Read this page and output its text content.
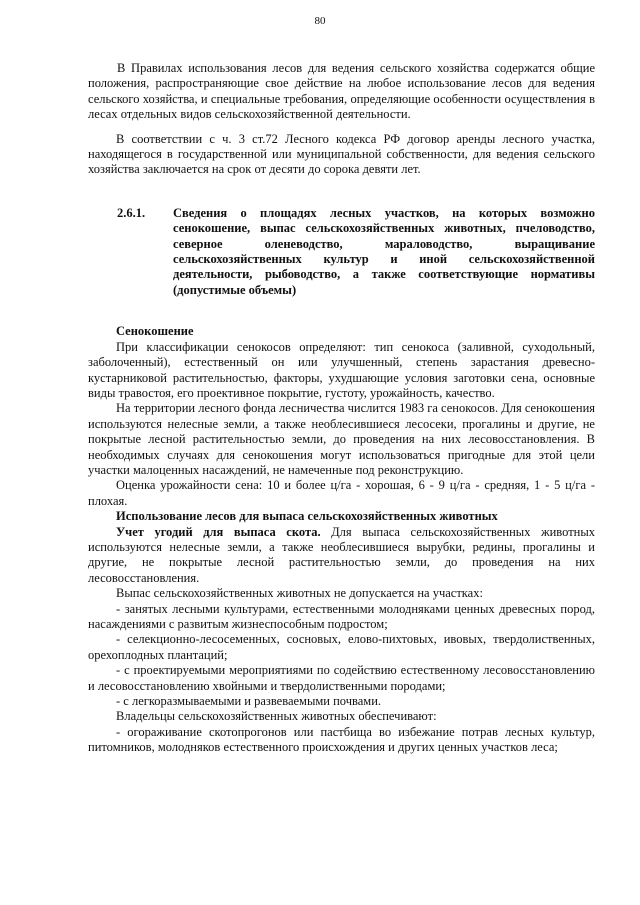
80

В Правилах использования лесов для ведения сельского хозяйства содержатся общие положения, распространяющие свое действие на любое использование лесов для ведения сельского хозяйства, и специальные требования, определяющие особенности осуществления в лесах отдельных видов сельскохозяйственной деятельности.

В соответствии с ч. 3 ст.72 Лесного кодекса РФ договор аренды лесного участка, находящегося в государственной или муниципальной собственности, для ведения сельского хозяйства заключается на срок от десяти до сорока девяти лет.

2.6.1.	Сведения о площадях лесных участков, на которых возможно сенокошение, выпас сельскохозяйственных животных, пчеловодство, северное оленеводство, мараловодство, выращивание сельскохозяйственных культур и иной сельскохозяйственной деятельности, рыбоводство, а также соответствующие нормативы (допустимые объемы)

Сенокошение

При классификации сенокосов определяют: тип сенокоса (заливной, суходольный, заболоченный), естественный он или улучшенный, степень зарастания древесно-кустарниковой растительностью, факторы, ухудшающие условия заготовки сена, основные виды травостоя, его проективное покрытие, густоту, урожайность, качество.

На территории лесного фонда лесничества числится 1983 га сенокосов. Для сенокошения используются нелесные земли, а также необлесившиеся лесосеки, прогалины и другие, не покрытые лесной растительностью земли, до проведения на них лесовосстановления. В необходимых случаях для сенокошения могут использоваться пригодные для этой цели участки малоценных насаждений, не намеченные под реконструкцию.

Оценка урожайности сена: 10 и более ц/га - хорошая, 6 - 9 ц/га - средняя, 1 - 5 ц/га - плохая.

Использование лесов для выпаса сельскохозяйственных животных

Учет угодий для выпаса скота. Для выпаса сельскохозяйственных животных используются нелесные земли, а также необлесившиеся вырубки, редины, прогалины и другие, не покрытые лесной растительностью земли, до проведения на них лесовосстановления.

Выпас сельскохозяйственных животных не допускается на участках:

- занятых лесными культурами, естественными молодняками ценных древесных пород, насаждениями с развитым жизнеспособным подростом;

- селекционно-лесосеменных, сосновых, елово-пихтовых, ивовых, твердолиственных, орехоплодных плантаций;

- с проектируемыми мероприятиями по содействию естественному лесовосстановлению и лесовосстановлению хвойными и твердолиственными породами;

- с легкоразмываемыми и развеваемыми почвами.

Владельцы сельскохозяйственных животных обеспечивают:

- огораживание скотопрогонов или пастбища во избежание потрав лесных культур, питомников, молодняков естественного происхождения и других ценных участков леса;
